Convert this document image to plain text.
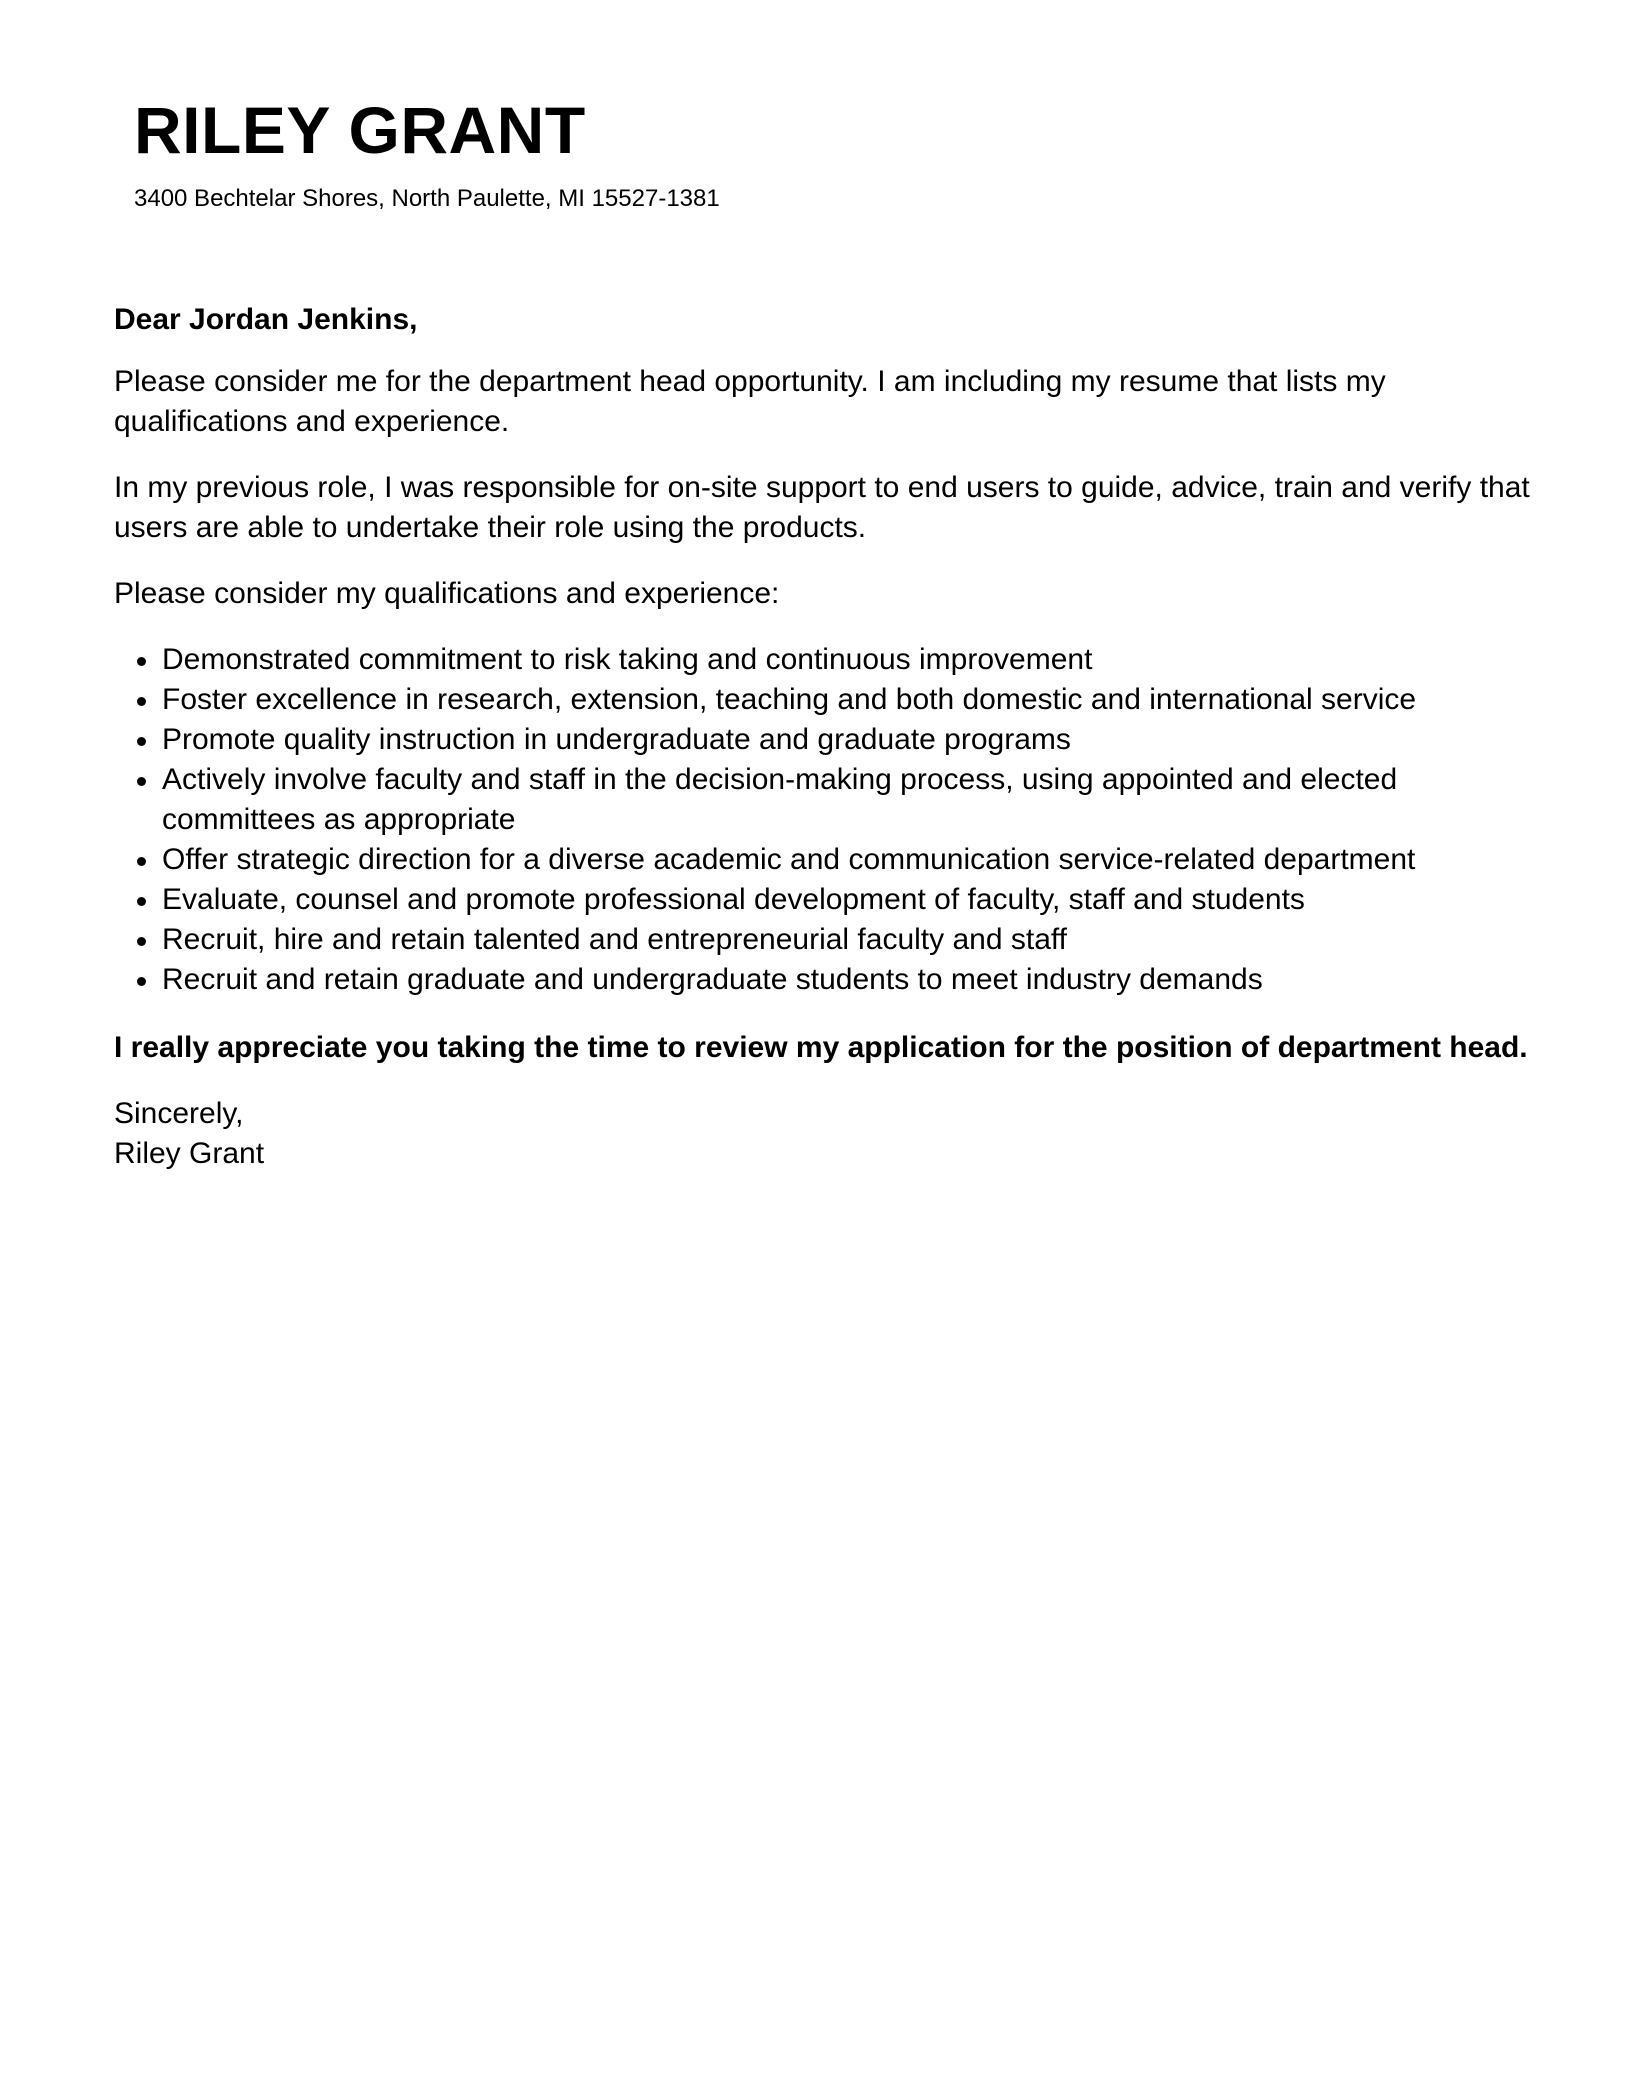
RILEY GRANT
3400 Bechtelar Shores, North Paulette, MI 15527-1381

Dear Jordan Jenkins,

Please consider me for the department head opportunity. I am including my resume that lists my qualifications and experience.

In my previous role, I was responsible for on-site support to end users to guide, advice, train and verify that users are able to undertake their role using the products.

Please consider my qualifications and experience:

Demonstrated commitment to risk taking and continuous improvement
Foster excellence in research, extension, teaching and both domestic and international service
Promote quality instruction in undergraduate and graduate programs
Actively involve faculty and staff in the decision-making process, using appointed and elected committees as appropriate
Offer strategic direction for a diverse academic and communication service-related department
Evaluate, counsel and promote professional development of faculty, staff and students
Recruit, hire and retain talented and entrepreneurial faculty and staff
Recruit and retain graduate and undergraduate students to meet industry demands

I really appreciate you taking the time to review my application for the position of department head.

Sincerely,

Riley Grant
